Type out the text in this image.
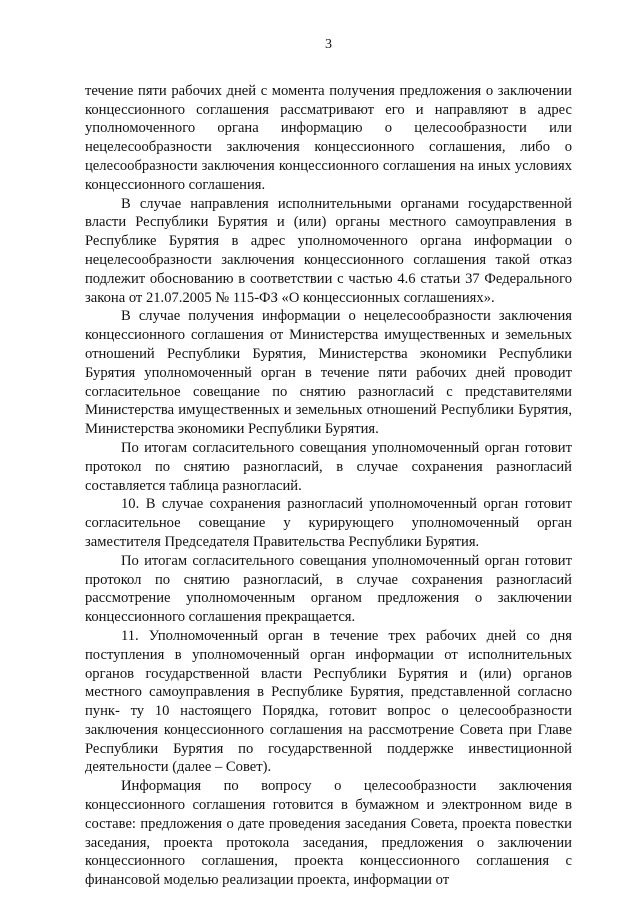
3

течение пяти рабочих дней с момента получения предложения о заключении концессионного соглашения рассматривают его и направляют в адрес уполномоченного органа информацию о целесообразности или нецелесообразности заключения концессионного соглашения, либо о целесообразности заключения концессионного соглашения на иных условиях концессионного соглашения.

В случае направления исполнительными органами государственной власти Республики Бурятия и (или) органы местного самоуправления в Республике Бурятия в адрес уполномоченного органа информации о нецелесообразности заключения концессионного соглашения такой отказ подлежит обоснованию в соответствии с частью 4.6 статьи 37 Федерального закона от 21.07.2005 № 115-ФЗ «О концессионных соглашениях».

В случае получения информации о нецелесообразности заключения концессионного соглашения от Министерства имущественных и земельных отношений Республики Бурятия, Министерства экономики Республики Бурятия уполномоченный орган в течение пяти рабочих дней проводит согласительное совещание по снятию разногласий с представителями Министерства имущественных и земельных отношений Республики Бурятия, Министерства экономики Республики Бурятия.

По итогам согласительного совещания уполномоченный орган готовит протокол по снятию разногласий, в случае сохранения разногласий составляется таблица разногласий.

10. В случае сохранения разногласий уполномоченный орган готовит согласительное совещание у курирующего уполномоченный орган заместителя Председателя Правительства Республики Бурятия.

По итогам согласительного совещания уполномоченный орган готовит протокол по снятию разногласий, в случае сохранения разногласий рассмотрение уполномоченным органом предложения о заключении концессионного соглашения прекращается.

11. Уполномоченный орган в течение трех рабочих дней со дня поступления в уполномоченный орган информации от исполнительных органов государственной власти Республики Бурятия и (или) органов местного самоуправления в Республике Бурятия, представленной согласно пунк- ту 10 настоящего Порядка, готовит вопрос о целесообразности заключения концессионного соглашения на рассмотрение Совета при Главе Республики Бурятия по государственной поддержке инвестиционной деятельности (далее – Совет).

Информация по вопросу о целесообразности заключения концессионного соглашения готовится в бумажном и электронном виде в составе: предложения о дате проведения заседания Совета, проекта повестки заседания, проекта протокола заседания, предложения о заключении концессионного соглашения, проекта концессионного соглашения с финансовой моделью реализации проекта, информации от
